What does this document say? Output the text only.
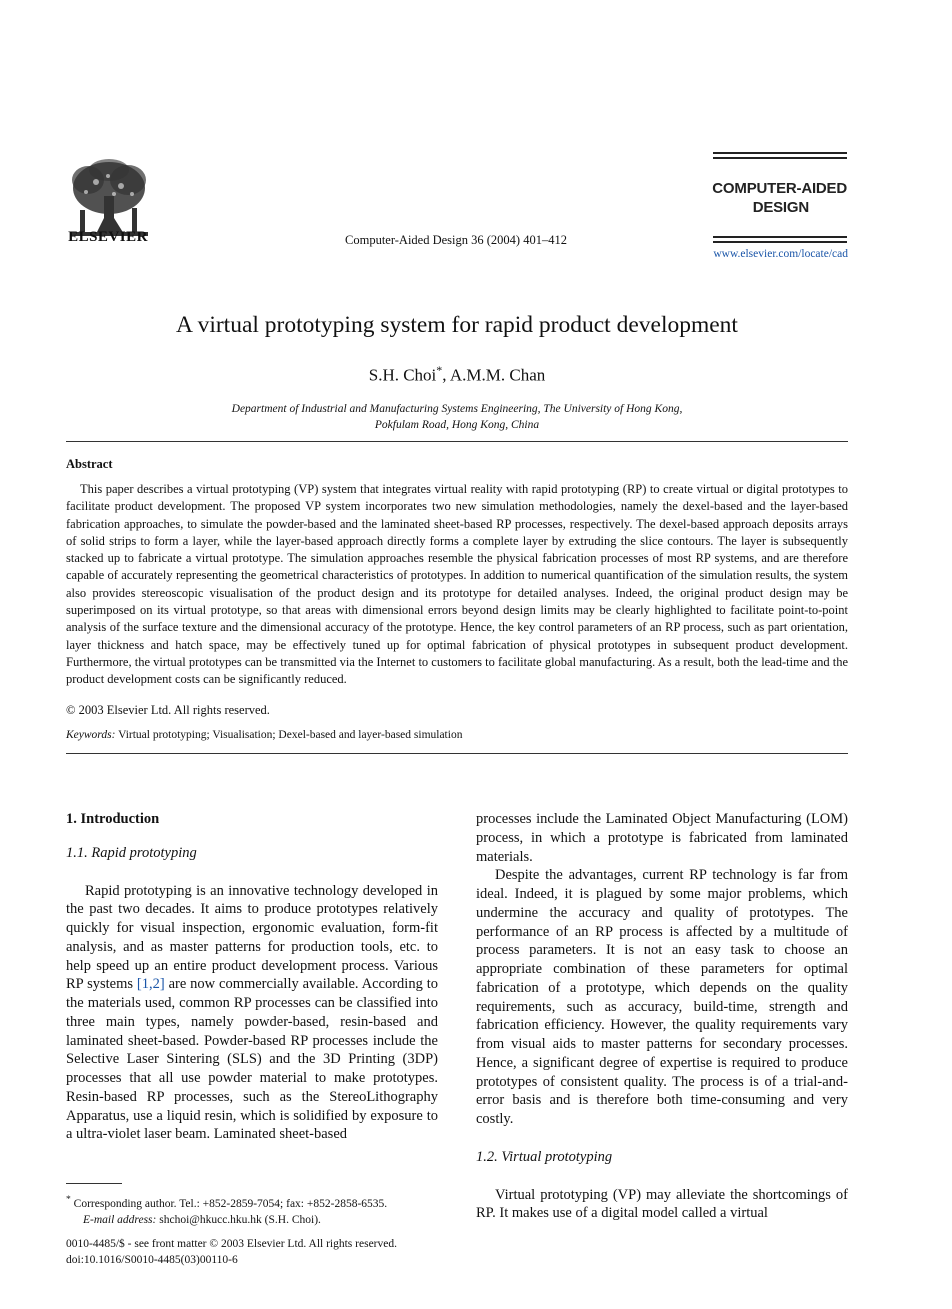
ELSEVIER	Computer-Aided Design 36 (2004) 401–412
COMPUTER-AIDED
DESIGN
www.elsevier.com/locate/cad
A virtual prototyping system for rapid product development
S.H. Choi*, A.M.M. Chan
Department of Industrial and Manufacturing Systems Engineering, The University of Hong Kong,
Pokfulam Road, Hong Kong, China
Abstract

This paper describes a virtual prototyping (VP) system that integrates virtual reality with rapid prototyping (RP) to create virtual or digital prototypes to facilitate product development. The proposed VP system incorporates two new simulation methodologies, namely the dexel-based and the layer-based fabrication approaches, to simulate the powder-based and the laminated sheet-based RP processes, respectively. The dexel-based approach deposits arrays of solid strips to form a layer, while the layer-based approach directly forms a complete layer by extruding the slice contours. The layer is subsequently stacked up to fabricate a virtual prototype. The simulation approaches resemble the physical fabrication processes of most RP systems, and are therefore capable of accurately representing the geometrical characteristics of prototypes. In addition to numerical quantification of the simulation results, the system also provides stereoscopic visualisation of the product design and its prototype for detailed analyses. Indeed, the original product design may be superimposed on its virtual prototype, so that areas with dimensional errors beyond design limits may be clearly highlighted to facilitate point-to-point analysis of the surface texture and the dimensional accuracy of the prototype. Hence, the key control parameters of an RP process, such as part orientation, layer thickness and hatch space, may be effectively tuned up for optimal fabrication of physical prototypes in subsequent product development. Furthermore, the virtual prototypes can be transmitted via the Internet to customers to facilitate global manufacturing. As a result, both the lead-time and the product development costs can be significantly reduced.

© 2003 Elsevier Ltd. All rights reserved.
Keywords: Virtual prototyping; Visualisation; Dexel-based and layer-based simulation

1. Introduction

1.1. Rapid prototyping

Rapid prototyping is an innovative technology developed in the past two decades. It aims to produce prototypes relatively quickly for visual inspection, ergonomic evaluation, form-fit analysis, and as master patterns for production tools, etc. to help speed up an entire product development process. Various RP systems [1,2] are now commercially available. According to the materials used, common RP processes can be classified into three main types, namely powder-based, resin-based and laminated sheet-based. Powder-based RP processes include the Selective Laser Sintering (SLS) and the 3D Printing (3DP) processes that all use powder material to make prototypes. Resin-based RP processes, such as the StereoLithography Apparatus, use a liquid resin, which is solidified by exposure to a ultra-violet laser beam. Laminated sheet-based

processes include the Laminated Object Manufacturing (LOM) process, in which a prototype is fabricated from laminated materials.

Despite the advantages, current RP technology is far from ideal. Indeed, it is plagued by some major problems, which undermine the accuracy and quality of prototypes. The performance of an RP process is affected by a multitude of process parameters. It is not an easy task to choose an appropriate combination of these parameters for optimal fabrication of a prototype, which depends on the quality requirements, such as accuracy, build-time, strength and fabrication efficiency. However, the quality requirements vary from visual aids to master patterns for secondary processes. Hence, a significant degree of expertise is required to produce prototypes of consistent quality. The process is of a trial-and-error basis and is therefore both time-consuming and very costly.

1.2. Virtual prototyping

Virtual prototyping (VP) may alleviate the shortcomings of RP. It makes use of a digital model called a virtual

* Corresponding author. Tel.: +852-2859-7054; fax: +852-2858-6535.
E-mail address: shchoi@hkucc.hku.hk (S.H. Choi).
0010-4485/$ - see front matter © 2003 Elsevier Ltd. All rights reserved.
doi:10.1016/S0010-4485(03)00110-6
